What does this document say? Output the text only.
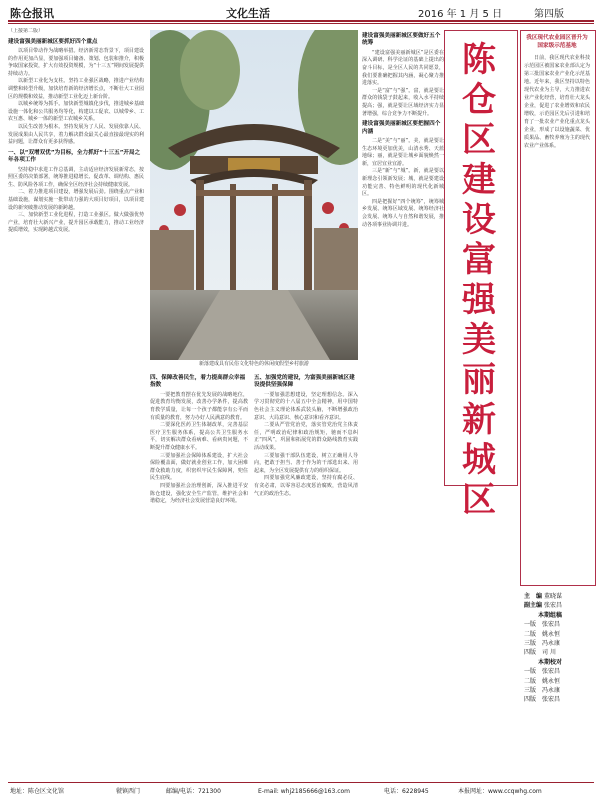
陈仓报讯	文化生活	2016 年 1 月 5 日	第四版

（上接第二版）

建设富强美丽新城区要抓好四个重点

以项目带动作为战略举措。经济新常态背景下，项目建设的作用更加凸显，要加强项目储备、策划、包装和推介，积极争取国家投资，扩大有效投资规模，为“十三五”期间发展提供持续动力。

以新型工业化为支柱。坚持工业强区战略，推进产业结构调整和转型升级，加快培育新的经济增长点，不断壮大工业园区的规模和效益，推动新型工业化迈上新台阶。

以城乡统筹为抓手。加快新型城镇化步伐，推进城乡基础设施一体化和公共服务均等化，构建以工促农、以城带乡、工农互惠、城乡一体的新型工农城乡关系。

以民生改善为根本。坚持发展为了人民、发展依靠人民、发展成果由人民共享，着力解决群众最关心最直接最现实的利益问题，让群众有更多获得感。

一、以“双增双优”为目标，全力抓好“十三五”开局之年各项工作

坚持稳中求进工作总基调，主动适应经济发展新常态，按照区委的决策部署，统筹推进稳增长、促改革、调结构、惠民生、防风险各项工作，确保全区经济社会持续健康发展。

二、着力推进项目建设，增强发展后劲。围绕重点产业和基础设施，谋划实施一批带动力强的大项目好项目，以项目建设的新突破推动发展的新跨越。

三、加快新型工业化进程，打造工业强区。做大做强优势产业，培育壮大新兴产业，提升园区承载能力，推动工业经济提质增效，实现跨越式发展。

新落建成具有民俗文化特色的休闲度假型乡村旅游
四、保障改善民生，着力提高群众幸福指数

一要把教育摆在优先发展的战略地位，促进教育均衡发展，改善办学条件，提高教育教学质量，让每一个孩子都能享有公平而有质量的教育，努力办好人民满意的教育。

二要深化医药卫生体制改革，完善基层医疗卫生服务体系，提高公共卫生服务水平，切实解决群众看病难、看病贵问题，不断提升群众健康水平。

三要加强社会保障体系建设，扩大社会保险覆盖面，做好就业创业工作，加大困难群众救助力度，织密织牢民生保障网，兜住民生底线。

四要加强社会治理创新，深入推进平安陈仓建设，强化安全生产监管，维护社会和谐稳定，为经济社会发展营造良好环境。

五、加强党的建设，为富强美丽新城区建设提供坚强保障

一要加强思想建设，坚定理想信念。深入学习贯彻党的十八届五中全会精神，用中国特色社会主义理论体系武装头脑，不断增强政治意识、大局意识、核心意识和看齐意识。

二要从严管党治党，落实管党治党主体责任，严明政治纪律和政治规矩，驰而不息纠正“四风”，巩固和拓展党的群众路线教育实践活动成果。

三要加强干部队伍建设，树立正确用人导向，把敢于担当、善于作为的干部选出来、用起来，为全区发展提供有力的组织保证。

四要加强党风廉政建设，坚持有腐必反、有贪必肃，以零容忍态度惩治腐败，营造风清气正的政治生态。

建设富强美丽新城区要做好五个统筹

“建设富强美丽新城区”是区委在深入调研、科学论证的基础上提出的奋斗目标，是全区人民的共同愿景，我们要准确把握其内涵，凝心聚力推进落实。

一是“富”与“强”。富，就是要让群众的钱袋子鼓起来，收入水平持续提高；强，就是要让区域经济实力显著增强，综合竞争力不断提升。

建设富强美丽新城区要把握四个内涵

二是“美”与“丽”。美，就是要让生态环境更加优美，山清水秀、天蓝地绿；丽，就是要让城乡面貌焕然一新，宜居宜业宜游。

三是“新”与“城”。新，就是要以新理念引领新发展；城，就是要建设功能完善、特色鲜明的现代化新城区。

四是把握好“四个统筹”，统筹城乡发展、统筹区域发展、统筹经济社会发展、统筹人与自然和谐发展，推动各项事业协调并进。

陈
仓
区
建
设
富
强
美
丽
新
城
区
我区现代农业园区晋升为国家级示范基地
日前，我区现代农业科技示范园区被国家农业部认定为第三批国家农业产业化示范基地。近年来，我区坚持以特色现代农业为主导，大力推进农业产业化经营，培育壮大龙头企业，促进了农业增效和农民增收，示范园区先后引进和培育了一批农业产业化重点龙头企业，形成了以设施蔬菜、优质果品、畜牧养殖为主的现代农业产业体系。
主　编 董晓谋
副主编 张宏昌
本期组稿
一版　 张宏昌
二版　 姚永恒
三版　 冯永康
四版　 司 川
本期校对
一版　 张宏昌
二版　 姚永恒
三版　 冯永康
四版　 张宏昌
地址：陈仓区文化馆	虢镇西门	邮编/电话：721300	E-mail: whj2185666@163.com	电话：6228945	本报网址：www.ccqwhg.com
